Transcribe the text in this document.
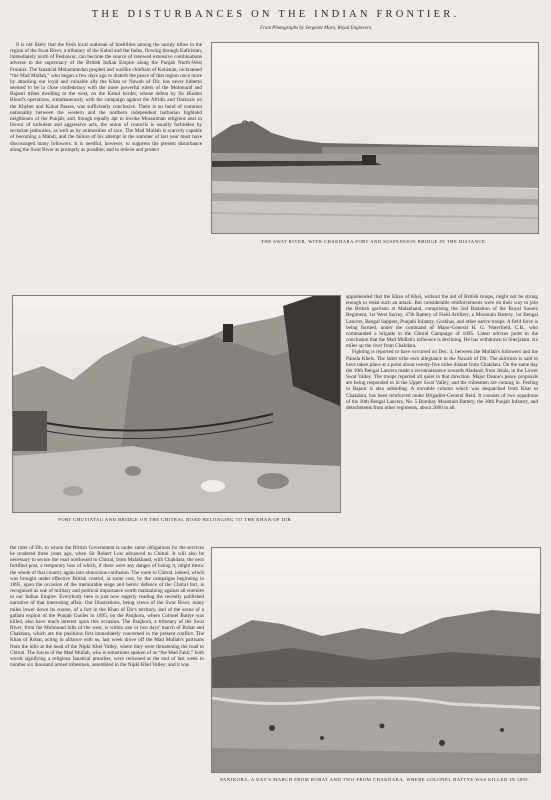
THE DISTURBANCES ON THE INDIAN FRONTIER.
From Photographs by Sergeant Mace, Royal Engineers.

It is not likely that the fresh local outbreak of hostilities among the unruly tribes in the region of the Swat River, a tributary of the Kabul and the Indus, flowing through Kafiristan, immediately north of Peshawur, can become the source of renewed extensive combinations adverse to the supremacy of the British Indian Empire along the Punjab North-West Frontier. The fanatical Mohammedan prophet and warlike chieftain of Kohistan, nicknamed “the Mad Mullah,” who began a few days ago to disturb the peace of that region once more by attacking our loyal and valuable ally the Khan or Nawab of Dir, has never hitherto seemed to be in close confederacy with the more powerful rulers of the Mohmund and Bajaori tribes dwelling to the west, on the Kabul border, whose defeat by Sir Bindon Blood's operations, simultaneously with the campaign against the Afridis and Orakzais on the Khyber and Kohat Passes, was sufficiently conclusive. There is no bond of common nationality between the western and the northern independent barbarian highland neighbours of the Punjab; and, though equally apt to invoke Mussulman religious zeal in favour of turbulent and aggressive acts, the union of councils is usually forbidden by sectarian jealousies, as well as by animosities of race. The Mad Mullah is scarcely capable of becoming a Mahdi, and the failure of his attempt in the summer of last year must have discouraged many followers. It is needful, however, to suppress the present disturbance along the Swat River as promptly as possible; and to relieve and protect

THE SWAT RIVER, WITH CHAKDARA FORT AND SUSPENSION BRIDGE IN THE DISTANCE.
FORT CHUTIATAU AND BRIDGE ON THE CHITRAL ROAD BELONGING TO THE KHAN OF DIR.

apprehended that the Khan of Khel, without the aid of British troops, might not be strong enough to resist such an attack. But considerable reinforcements were on their way to join the British garrison at Malakhand, comprising the 2nd Battalion of the Royal Sussex Regiment, 1st West Surrey, 47th Battery of Field Artillery, a Mountain Battery, 1st Bengal Lancers, Bengal Sappers, Punjabi Infantry, Gurkhas, and other native troops. A field force is being formed, under the command of Major-General H. G. Waterfield, C.B., who commanded a brigade in the Chitral Campaign of 1895. Latest advices point to the conclusion that the Mad Mullah's influence is declining. He has withdrawn to Sherjalam, six miles up the river from Chakdara.

Fighting is reported to have occurred on Dec. 4, between the Mullah's followers and the Painda Khels. The latter tribe own allegiance to the Nawab of Dir. The skirmish is said to have taken place at a point about twenty-five miles distant from Chakdara. On the same day the 10th Bengal Lancers made a reconnaissance towards Aladand, from Jelala, in the Lower Swat Valley. The troops reported all quiet in that direction. Major Deane's peace proposals are being responded to in the Upper Swat Valley, and the tribesmen are coming in. Feeling in Bajaur is also subsiding. A movable column which was despatched from Khar to Chakdara, has been reinforced under Brigadier-General Reid. It consists of two squadrons of the 10th Bengal Lancers, No. 5 Bombay Mountain Battery, the 30th Punjab Infantry, and detachments from other regiments, about 2000 in all.

the ruler of Dir, to whom the British Government is under some obligations for the services he rendered three years ago, when Sir Robert Low advanced to Chitral. It will also be necessary to secure the road northward to Chitral, from Malakhand, with Chakdara, the next fortified post, a temporary loss of which, if there were any danger of losing it, might throw the whole of that country again into obnoxious confusion. The route to Chitral, indeed, which was brought under effective British control, at some cost, by the campaigns beginning in 1895, upon the occasion of the memorable siege and heroic defence of the Chitral fort, is recognised as one of military and political importance worth maintaining against all enemies to our Indian Empire. Everybody here is just now eagerly reading the recently published narrative of that interesting affair. Our Illustrations, being views of the Swat River, many miles lower down its course, of a fort in the Khan of Dir's territory, and of the scene of a gallant exploit of the Punjab Guides in 1895, on the Panjkora, where Colonel Battye was killed, also have much interest upon this occasion. The Panjkora, a tributary of the Swat River, from the Mohmund hills of the west, is within one or two days' march of Robat and Chakdara, which are the positions first immediately concerned in the present conflict. The Khan of Robat, acting in alliance with us, last week drove off the Mad Mullah's partisans from the hills at the head of the Nipki Khel Valley, where they were threatening the road to Chitral. The forces of the Mad Mullah, who is sometimes spoken of as “the Mad Fakir,” both words signifying a religious fanatical preacher, were reckoned at the end of last week to number six thousand armed tribesmen, assembled in the Nipki Khel Valley; and it was

PANJKORA, A DAY'S MARCH FROM ROBAT AND TWO FROM CHAKDARA, WHERE COLONEL BATTYE WAS KILLED IN 1895.
